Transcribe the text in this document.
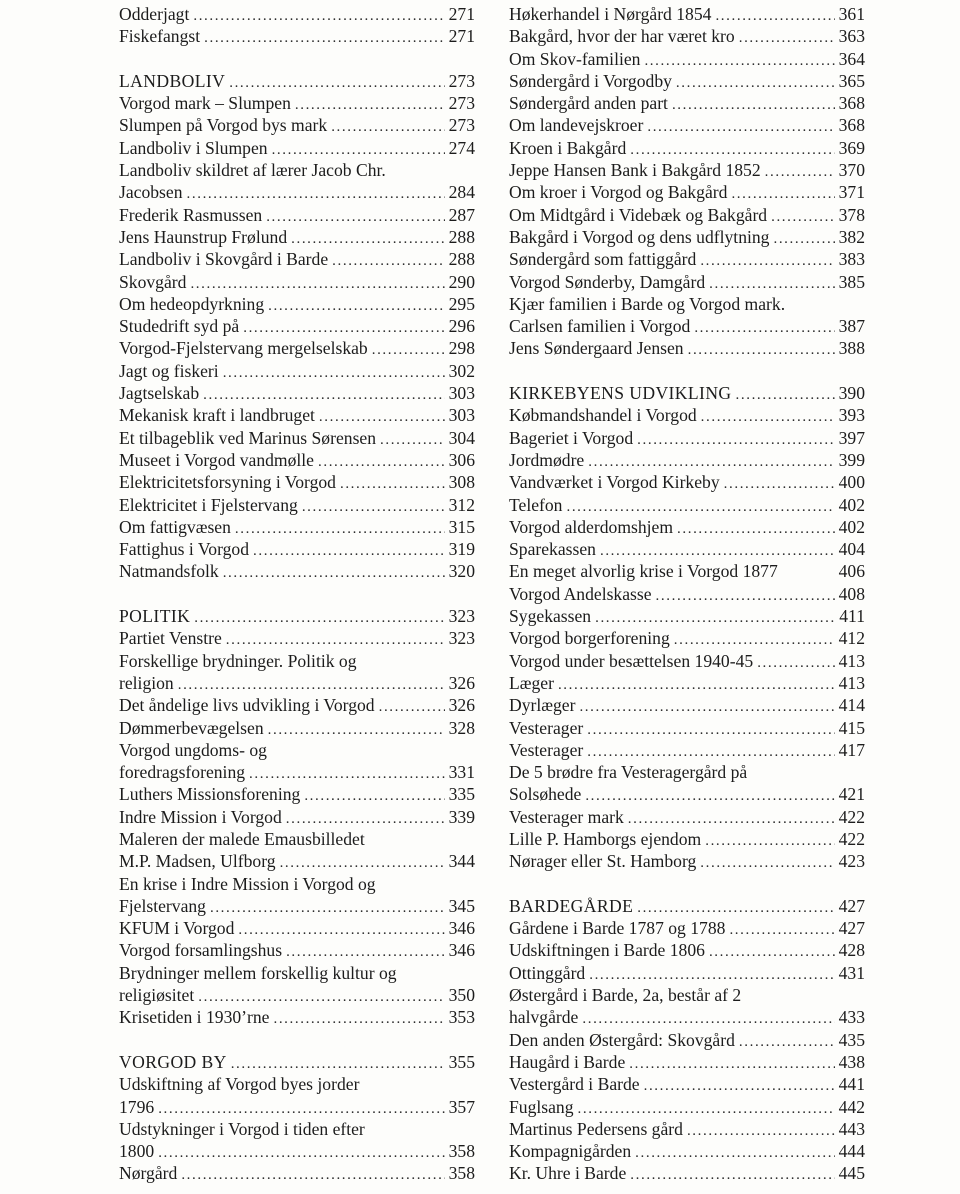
Odderjagt .....	271
Fiskefangst .....	271
LANDBOLIV .....	273
Vorgod mark – Slumpen .....	273
Slumpen på Vorgod bys mark .....	273
Landboliv i Slumpen .....	274
Landboliv skildret af lærer Jacob Chr.
Jacobsen .....	284
Frederik Rasmussen .....	287
Jens Haunstrup Frølund .....	288
Landboliv i Skovgård i Barde .....	288
Skovgård .....	290
Om hedeopdyrkning .....	295
Studedrift syd på .....	296
Vorgod-Fjelstervang mergelselskab .....	298
Jagt og fiskeri .....	302
Jagtselskab .....	303
Mekanisk kraft i landbruget .....	303
Et tilbageblik ved Marinus Sørensen .....	304
Museet i Vorgod vandmølle .....	306
Elektricitetsforsyning i Vorgod .....	308
Elektricitet i Fjelstervang .....	312
Om fattigvæsen .....	315
Fattighus i Vorgod .....	319
Natmandsfolk .....	320
POLITIK .....	323
Partiet Venstre .....	323
Forskellige brydninger. Politik og
religion .....	326
Det åndelige livs udvikling i Vorgod .....	326
Dømmerbevægelsen .....	328
Vorgod ungdoms- og
foredragsforening .....	331
Luthers Missionsforening .....	335
Indre Mission i Vorgod .....	339
Maleren der malede Emausbilledet
M.P. Madsen, Ulfborg .....	344
En krise i Indre Mission i Vorgod og
Fjelstervang .....	345
KFUM i Vorgod .....	346
Vorgod forsamlingshus .....	346
Brydninger mellem forskellig kultur og
religiøsitet .....	350
Krisetiden i 1930’rne .....	353
VORGOD BY .....	355
Udskiftning af Vorgod byes jorder
1796 .....	357
Udstykninger i Vorgod i tiden efter
1800 .....	358
Nørgård .....	358
Høkerhandel i Nørgård 1854 .....	361
Bakgård, hvor der har været kro .....	363
Om Skov-familien .....	364
Søndergård i Vorgodby .....	365
Søndergård anden part .....	368
Om landevejskroer .....	368
Kroen i Bakgård .....	369
Jeppe Hansen Bank i Bakgård 1852 .....	370
Om kroer i Vorgod og Bakgård .....	371
Om Midtgård i Videbæk og Bakgård .....	378
Bakgård i Vorgod og dens udflytning .....	382
Søndergård som fattiggård .....	383
Vorgod Sønderby, Damgård .....	385
Kjær familien i Barde og Vorgod mark.
Carlsen familien i Vorgod .....	387
Jens Søndergaard Jensen .....	388
KIRKEBYENS UDVIKLING .....	390
Købmandshandel i Vorgod .....	393
Bageriet i Vorgod .....	397
Jordmødre .....	399
Vandværket i Vorgod Kirkeby .....	400
Telefon .....	402
Vorgod alderdomshjem .....	402
Sparekassen .....	404
En meget alvorlig krise i Vorgod 1877	406
Vorgod Andelskasse .....	408
Sygekassen .....	411
Vorgod borgerforening .....	412
Vorgod under besættelsen 1940-45 .....	413
Læger .....	413
Dyrlæger .....	414
Vesterager .....	415
Vesterager .....	417
De 5 brødre fra Vesteragergård på
Solsøhede .....	421
Vesterager mark .....	422
Lille P. Hamborgs ejendom .....	422
Nørager eller St. Hamborg .....	423
BARDEGÅRDE .....	427
Gårdene i Barde 1787 og 1788 .....	427
Udskiftningen i Barde 1806 .....	428
Ottinggård .....	431
Østergård i Barde, 2a, består af 2
halvgårde .....	433
Den anden Østergård: Skovgård .....	435
Haugård i Barde .....	438
Vestergård i Barde .....	441
Fuglsang .....	442
Martinus Pedersens gård .....	443
Kompagnigården .....	444
Kr. Uhre i Barde .....	445
